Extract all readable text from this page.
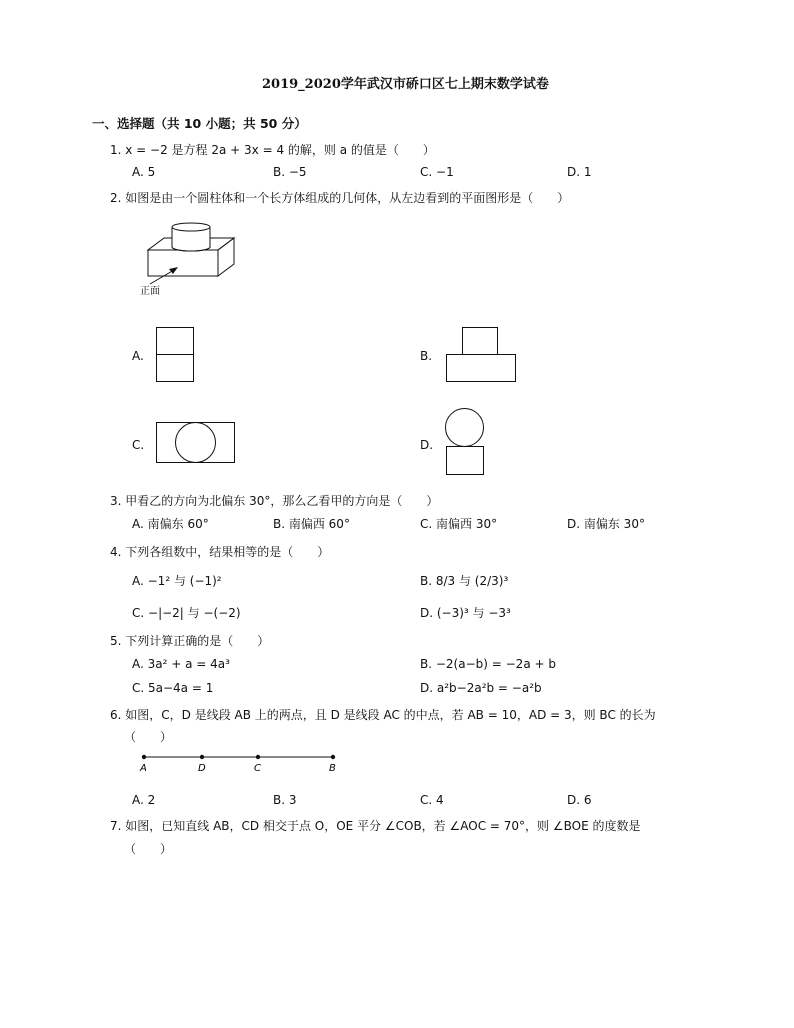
2019_2020学年武汉市硚口区七上期末数学试卷
一、选择题（共 10 小题；共 50 分）
1. x = −2 是方程 2a + 3x = 4 的解，则 a 的值是（　　）
A. 5	B. −5	C. −1	D. 1
2. 如图是由一个圆柱体和一个长方体组成的几何体，从左边看到的平面图形是（　　）
正面
A.	B.
C.	D.
3. 甲看乙的方向为北偏东 30°，那么乙看甲的方向是（　　）
A. 南偏东 60°	B. 南偏西 60°	C. 南偏西 30°	D. 南偏东 30°
4. 下列各组数中，结果相等的是（　　）
A. −1² 与 (−1)²	B. 8/3 与 (2/3)³
C. −|−2| 与 −(−2)	D. (−3)³ 与 −3³
5. 下列计算正确的是（　　）
A. 3a² + a = 4a³	B. −2(a−b) = −2a + b
C. 5a−4a = 1	D. a²b−2a²b = −a²b
6. 如图，C，D 是线段 AB 上的两点，且 D 是线段 AC 的中点，若 AB = 10，AD = 3，则 BC 的长为
（　　）
A	D	C	B
A. 2	B. 3	C. 4	D. 6
7. 如图，已知直线 AB，CD 相交于点 O，OE 平分 ∠COB，若 ∠AOC = 70°，则 ∠BOE 的度数是
（　　）
